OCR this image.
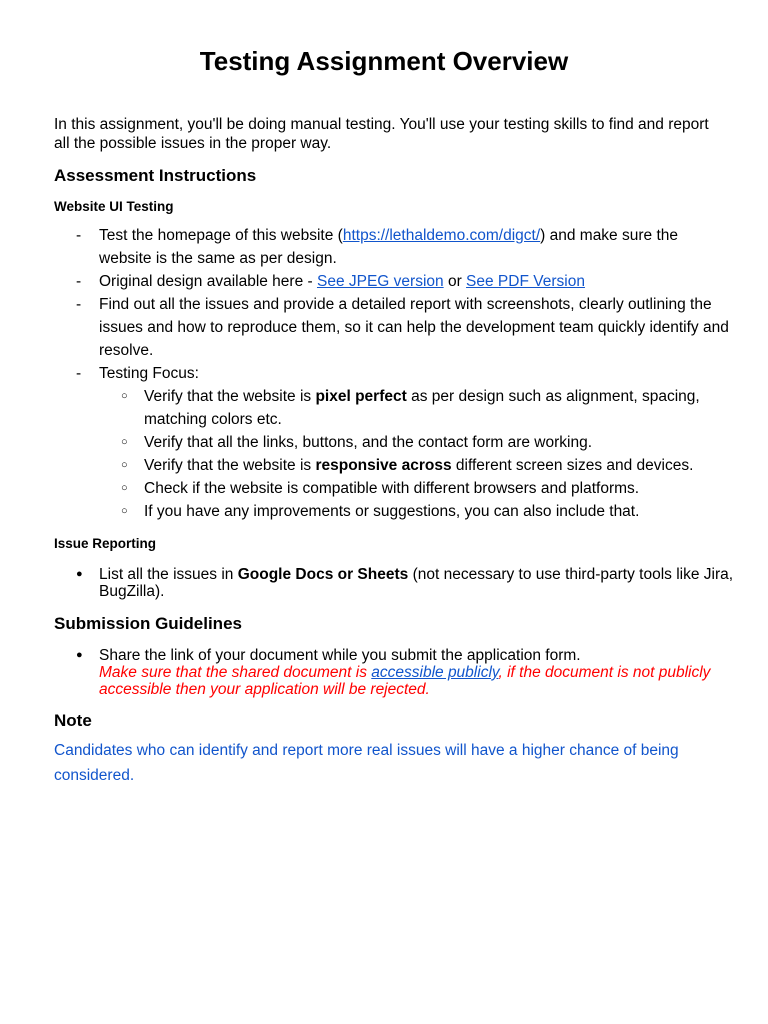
Testing Assignment Overview

In this assignment, you'll be doing manual testing. You'll use your testing skills to find and report all the possible issues in the proper way.

Assessment Instructions
Website UI Testing
- Test the homepage of this website (https://lethaldemo.com/digct/) and make sure the website is the same as per design.
- Original design available here - See JPEG version or See PDF Version
- Find out all the issues and provide a detailed report with screenshots, clearly outlining the issues and how to reproduce them, so it can help the development team quickly identify and resolve.
- Testing Focus:
○ Verify that the website is pixel perfect as per design such as alignment, spacing, matching colors etc.
○ Verify that all the links, buttons, and the contact form are working.
○ Verify that the website is responsive across different screen sizes and devices.
○ Check if the website is compatible with different browsers and platforms.
○ If you have any improvements or suggestions, you can also include that.
Issue Reporting
● List all the issues in Google Docs or Sheets (not necessary to use third-party tools like Jira, BugZilla).
Submission Guidelines
● Share the link of your document while you submit the application form.
Make sure that the shared document is accessible publicly, if the document is not publicly accessible then your application will be rejected.
Note

Candidates who can identify and report more real issues will have a higher chance of being considered.
